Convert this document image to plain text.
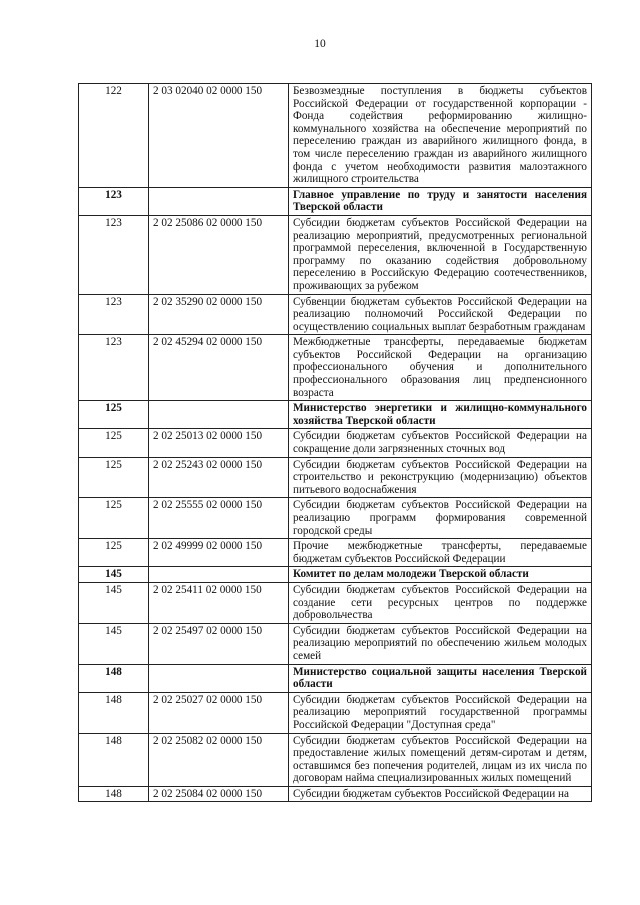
10
122	2 03 02040 02 0000 150	Безвозмездные поступления в бюджеты субъектов Российской Федерации от государственной корпорации - Фонда содействия реформированию жилищно-коммунального хозяйства на обеспечение мероприятий по переселению граждан из аварийного жилищного фонда, в том числе переселению граждан из аварийного жилищного фонда с учетом необходимости развития малоэтажного жилищного строительства
123		Главное управление по труду и занятости населения Тверской области
123	2 02 25086 02 0000 150	Субсидии бюджетам субъектов Российской Федерации на реализацию мероприятий, предусмотренных региональной программой переселения, включенной в Государственную программу по оказанию содействия добровольному переселению в Российскую Федерацию соотечественников, проживающих за рубежом
123	2 02 35290 02 0000 150	Субвенции бюджетам субъектов Российской Федерации на реализацию полномочий Российской Федерации по осуществлению социальных выплат безработным гражданам
123	2 02 45294 02 0000 150	Межбюджетные трансферты, передаваемые бюджетам субъектов Российской Федерации на организацию профессионального обучения и дополнительного профессионального образования лиц предпенсионного возраста
125		Министерство энергетики и жилищно-коммунального хозяйства Тверской области
125	2 02 25013 02 0000 150	Субсидии бюджетам субъектов Российской Федерации на сокращение доли загрязненных сточных вод
125	2 02 25243 02 0000 150	Субсидии бюджетам субъектов Российской Федерации на строительство и реконструкцию (модернизацию) объектов питьевого водоснабжения
125	2 02 25555 02 0000 150	Субсидии бюджетам субъектов Российской Федерации на реализацию программ формирования современной городской среды
125	2 02 49999 02 0000 150	Прочие межбюджетные трансферты, передаваемые бюджетам субъектов Российской Федерации
145		Комитет по делам молодежи Тверской области
145	2 02 25411 02 0000 150	Субсидии бюджетам субъектов Российской Федерации на создание сети ресурсных центров по поддержке добровольчества
145	2 02 25497 02 0000 150	Субсидии бюджетам субъектов Российской Федерации на реализацию мероприятий по обеспечению жильем молодых семей
148		Министерство социальной защиты населения Тверской области
148	2 02 25027 02 0000 150	Субсидии бюджетам субъектов Российской Федерации на реализацию мероприятий государственной программы Российской Федерации "Доступная среда"
148	2 02 25082 02 0000 150	Субсидии бюджетам субъектов Российской Федерации на предоставление жилых помещений детям-сиротам и детям, оставшимся без попечения родителей, лицам из их числа по договорам найма специализированных жилых помещений
148	2 02 25084 02 0000 150	Субсидии бюджетам субъектов Российской Федерации на
